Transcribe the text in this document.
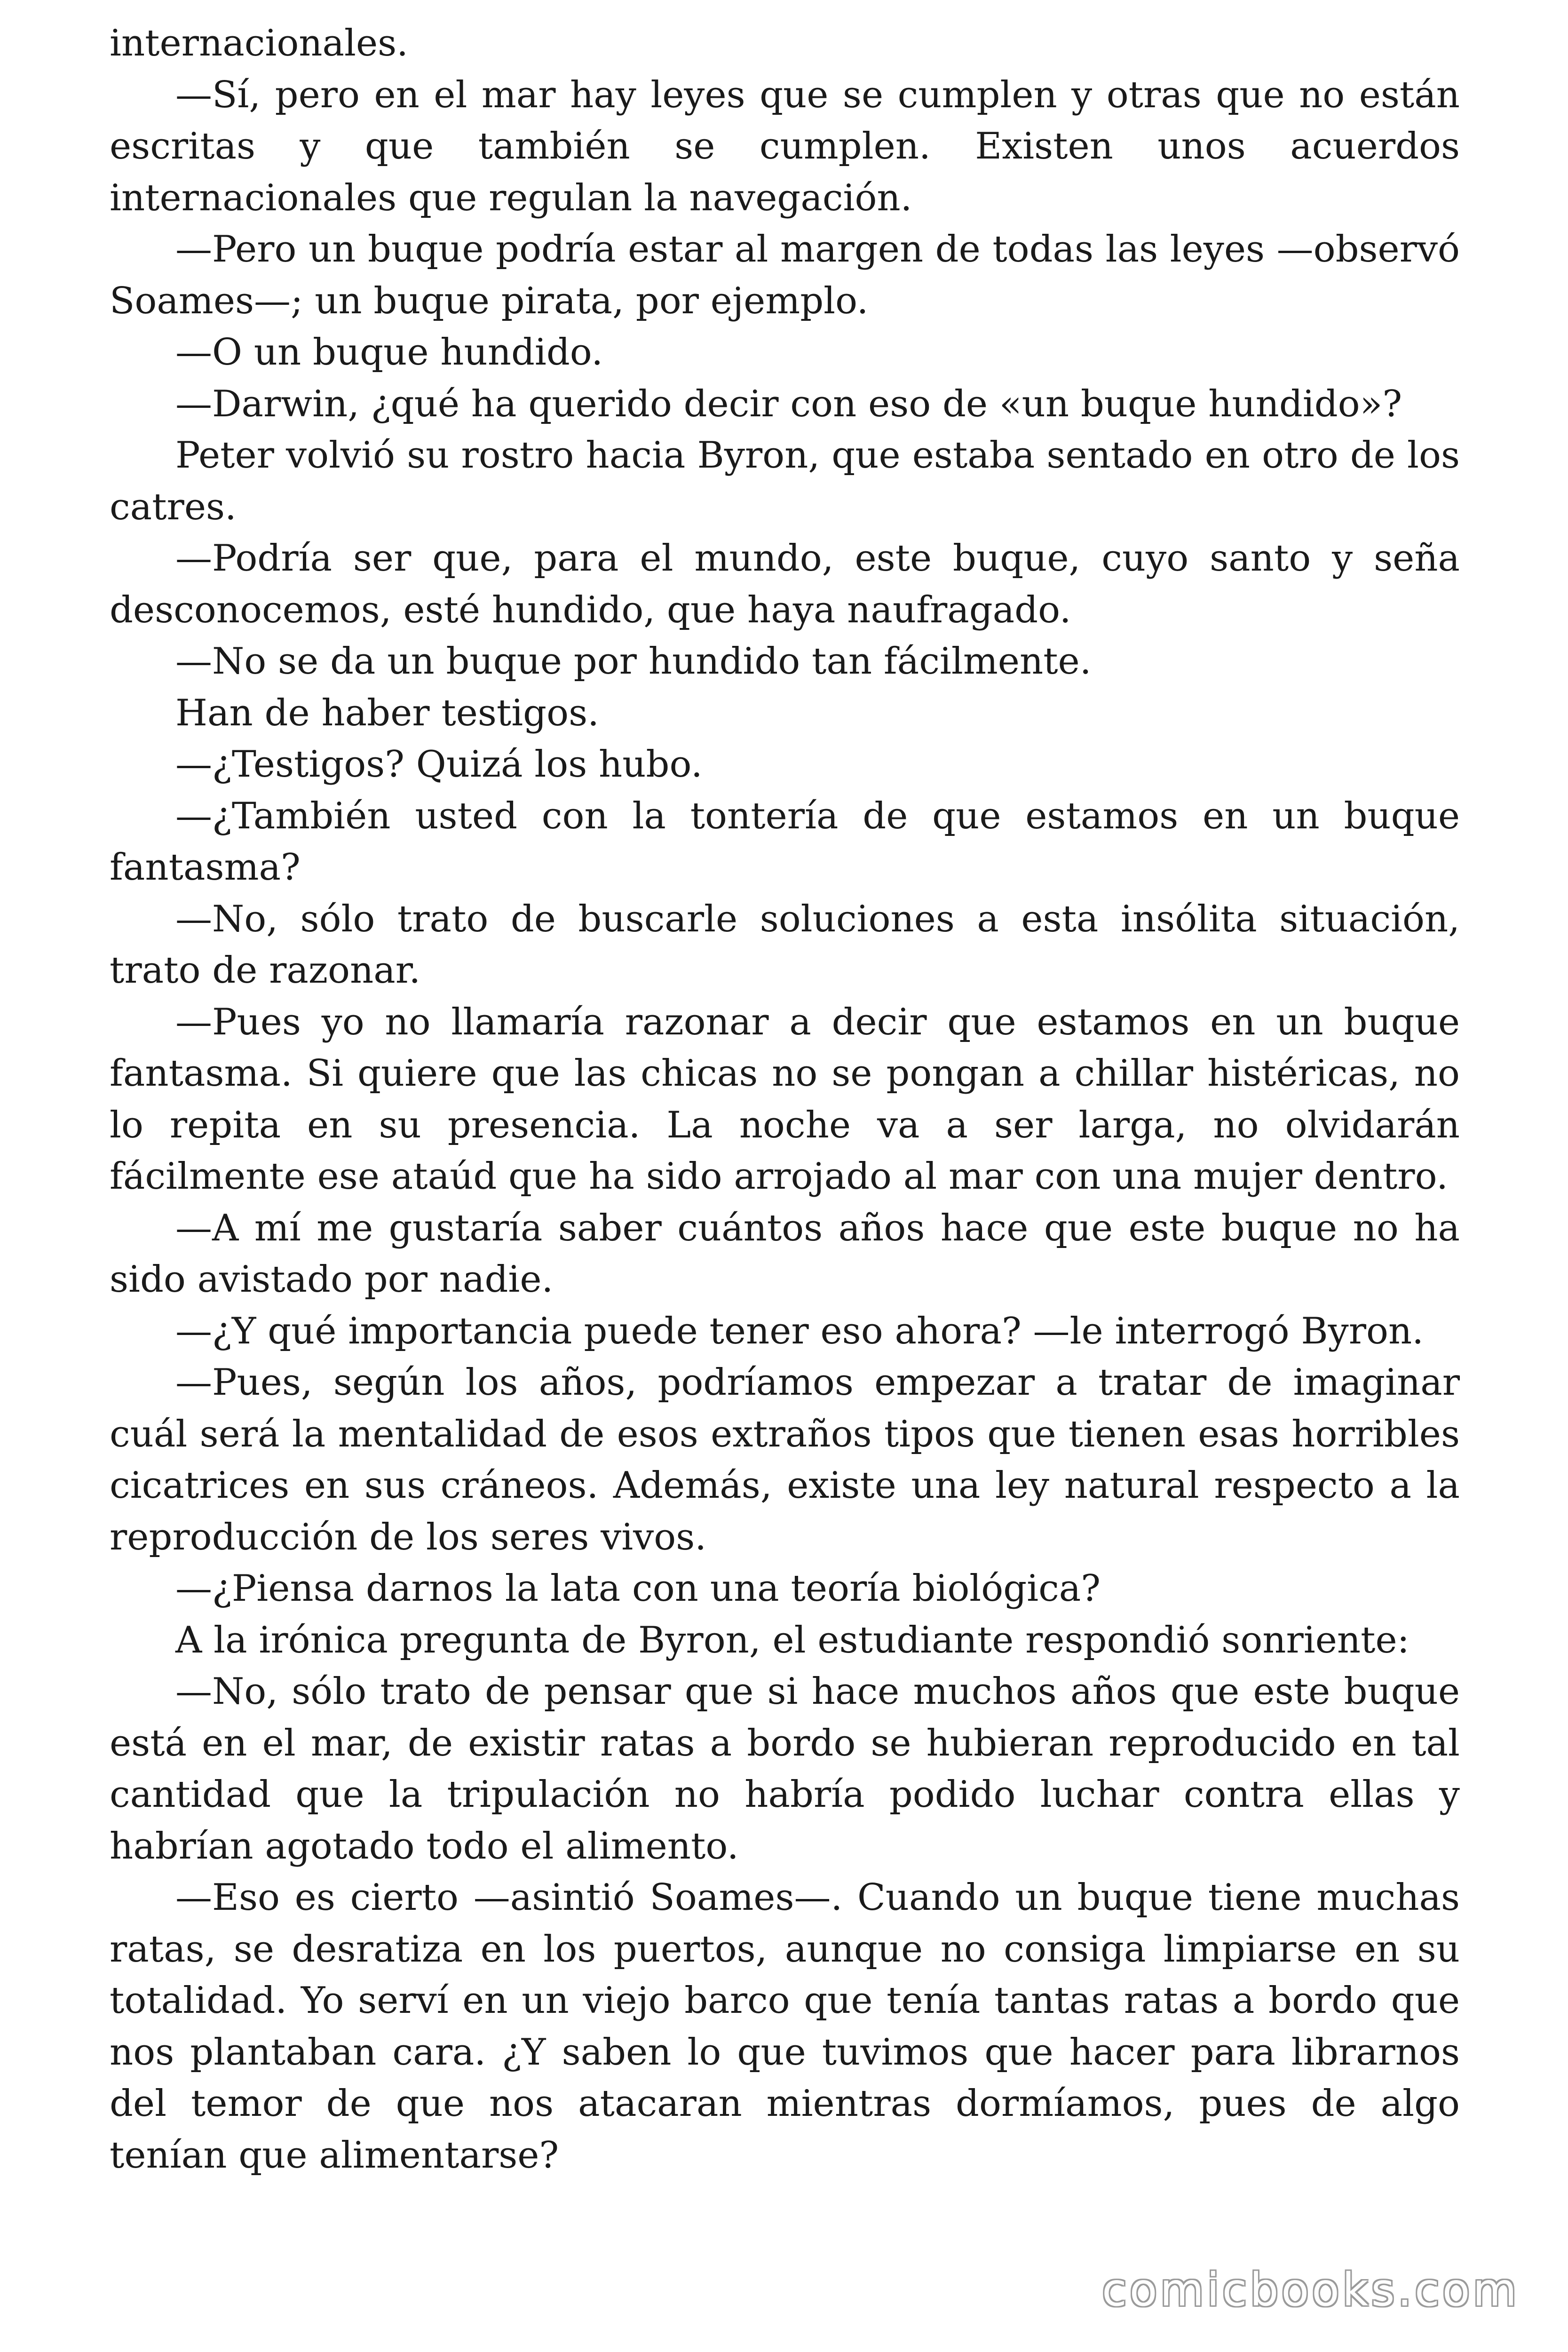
internacionales.

—Sí, pero en el mar hay leyes que se cumplen y otras que no están escritas y que también se cumplen. Existen unos acuerdos internacionales que regulan la navegación.

—Pero un buque podría estar al margen de todas las leyes —observó Soames—; un buque pirata, por ejemplo.

—O un buque hundido.

—Darwin, ¿qué ha querido decir con eso de «un buque hundido»?

Peter volvió su rostro hacia Byron, que estaba sentado en otro de los catres.

—Podría ser que, para el mundo, este buque, cuyo santo y seña desconocemos, esté hundido, que haya naufragado.

—No se da un buque por hundido tan fácilmente.

Han de haber testigos.

—¿Testigos? Quizá los hubo.

—¿También usted con la tontería de que estamos en un buque fantasma?

—No, sólo trato de buscarle soluciones a esta insólita situación, trato de razonar.

—Pues yo no llamaría razonar a decir que estamos en un buque fantasma. Si quiere que las chicas no se pongan a chillar histéricas, no lo repita en su presencia. La noche va a ser larga, no olvidarán fácilmente ese ataúd que ha sido arrojado al mar con una mujer dentro.

—A mí me gustaría saber cuántos años hace que este buque no ha sido avistado por nadie.

—¿Y qué importancia puede tener eso ahora? —le interrogó Byron.

—Pues, según los años, podríamos empezar a tratar de imaginar cuál será la mentalidad de esos extraños tipos que tienen esas horribles cicatrices en sus cráneos. Además, existe una ley natural respecto a la reproducción de los seres vivos.

—¿Piensa darnos la lata con una teoría biológica?

A la irónica pregunta de Byron, el estudiante respondió sonriente:

—No, sólo trato de pensar que si hace muchos años que este buque está en el mar, de existir ratas a bordo se hubieran reproducido en tal cantidad que la tripulación no habría podido luchar contra ellas y habrían agotado todo el alimento.

—Eso es cierto —asintió Soames—. Cuando un buque tiene muchas ratas, se desratiza en los puertos, aunque no consiga limpiarse en su totalidad. Yo serví en un viejo barco que tenía tantas ratas a bordo que nos plantaban cara. ¿Y saben lo que tuvimos que hacer para librarnos del temor de que nos atacaran mientras dormíamos, pues de algo tenían que alimentarse?

comicbooks.com
